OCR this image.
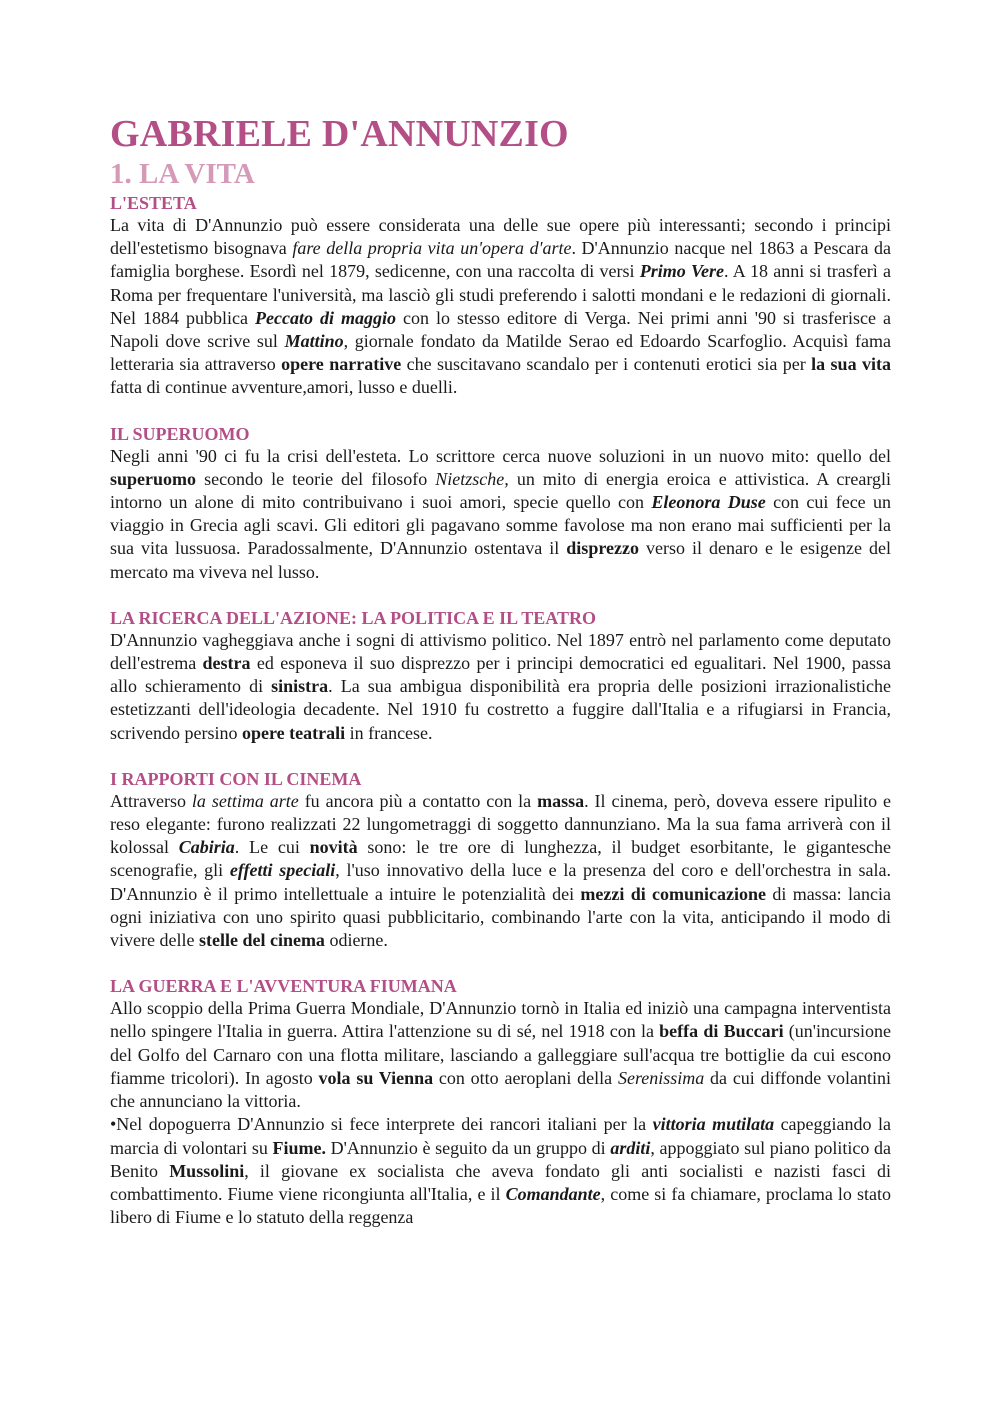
GABRIELE D'ANNUNZIO
1. LA VITA
L'ESTETA

La vita di D'Annunzio può essere considerata una delle sue opere più interessanti; secondo i principi dell'estetismo bisognava fare della propria vita un'opera d'arte. D'Annunzio nacque nel 1863 a Pescara da famiglia borghese. Esordì nel 1879, sedicenne, con una raccolta di versi Primo Vere. A 18 anni si trasferì a Roma per frequentare l'università, ma lasciò gli studi preferendo i salotti mondani e le redazioni di giornali. Nel 1884 pubblica Peccato di maggio con lo stesso editore di Verga. Nei primi anni '90 si trasferisce a Napoli dove scrive sul Mattino, giornale fondato da Matilde Serao ed Edoardo Scarfoglio. Acquisì fama letteraria sia attraverso opere narrative che suscitavano scandalo per i contenuti erotici sia per la sua vita fatta di continue avventure,amori, lusso e duelli.

IL SUPERUOMO

Negli anni '90 ci fu la crisi dell'esteta. Lo scrittore cerca nuove soluzioni in un nuovo mito: quello del superuomo secondo le teorie del filosofo Nietzsche, un mito di energia eroica e attivistica. A creargli intorno un alone di mito contribuivano i suoi amori, specie quello con Eleonora Duse con cui fece un viaggio in Grecia agli scavi. Gli editori gli pagavano somme favolose ma non erano mai sufficienti per la sua vita lussuosa. Paradossalmente, D'Annunzio ostentava il disprezzo verso il denaro e le esigenze del mercato ma viveva nel lusso.

LA RICERCA DELL'AZIONE: LA POLITICA E IL TEATRO

D'Annunzio vagheggiava anche i sogni di attivismo politico. Nel 1897 entrò nel parlamento come deputato dell'estrema destra ed esponeva il suo disprezzo per i principi democratici ed egualitari. Nel 1900, passa allo schieramento di sinistra. La sua ambigua disponibilità era propria delle posizioni irrazionalistiche estetizzanti dell'ideologia decadente. Nel 1910 fu costretto a fuggire dall'Italia e a rifugiarsi in Francia, scrivendo persino opere teatrali in francese.

I RAPPORTI CON IL CINEMA

Attraverso la settima arte fu ancora più a contatto con la massa. Il cinema, però, doveva essere ripulito e reso elegante: furono realizzati 22 lungometraggi di soggetto dannunziano. Ma la sua fama arriverà con il kolossal Cabiria. Le cui novità sono: le tre ore di lunghezza, il budget esorbitante, le gigantesche scenografie, gli effetti speciali, l'uso innovativo della luce e la presenza del coro e dell'orchestra in sala. D'Annunzio è il primo intellettuale a intuire le potenzialità dei mezzi di comunicazione di massa: lancia ogni iniziativa con uno spirito quasi pubblicitario, combinando l'arte con la vita, anticipando il modo di vivere delle stelle del cinema odierne.

LA GUERRA E L'AVVENTURA FIUMANA

Allo scoppio della Prima Guerra Mondiale, D'Annunzio tornò in Italia ed iniziò una campagna interventista nello spingere l'Italia in guerra. Attira l'attenzione su di sé, nel 1918 con la beffa di Buccari (un'incursione del Golfo del Carnaro con una flotta militare, lasciando a galleggiare sull'acqua tre bottiglie da cui escono fiamme tricolori). In agosto vola su Vienna con otto aeroplani della Serenissima da cui diffonde volantini che annunciano la vittoria.

•Nel dopoguerra D'Annunzio si fece interprete dei rancori italiani per la vittoria mutilata capeggiando la marcia di volontari su Fiume. D'Annunzio è seguito da un gruppo di arditi, appoggiato sul piano politico da Benito Mussolini, il giovane ex socialista che aveva fondato gli anti socialisti e nazisti fasci di combattimento. Fiume viene ricongiunta all'Italia, e il Comandante, come si fa chiamare, proclama lo stato libero di Fiume e lo statuto della reggenza
